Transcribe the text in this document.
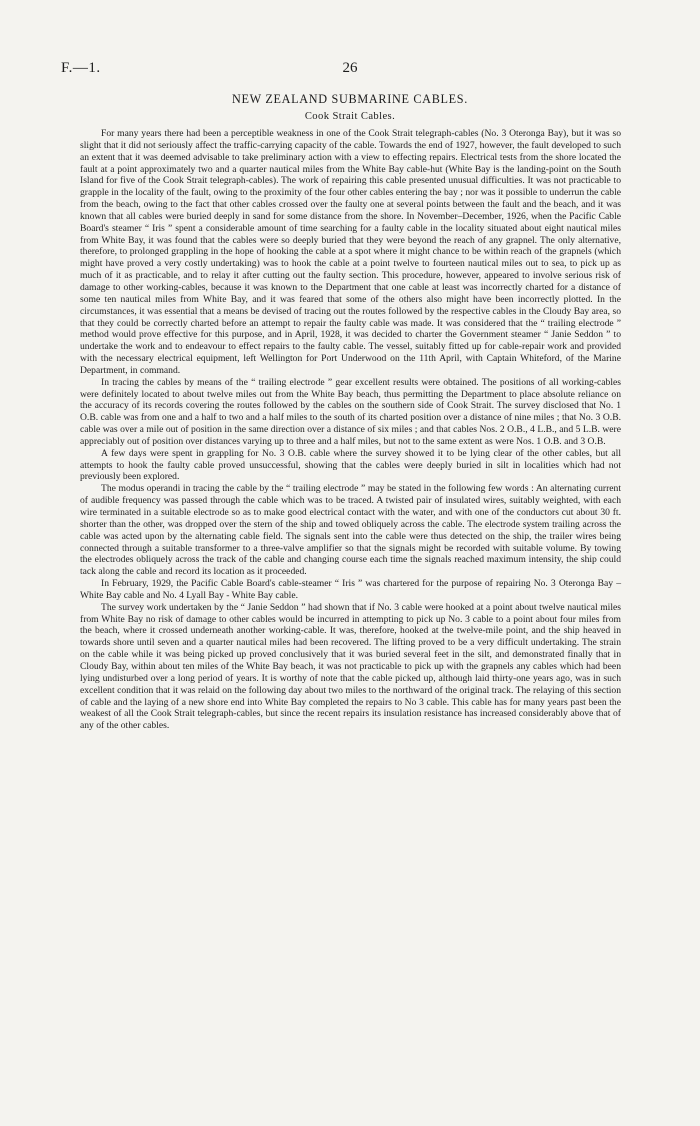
F.—1.	26
NEW ZEALAND SUBMARINE CABLES.
Cook Strait Cables.

For many years there had been a perceptible weakness in one of the Cook Strait telegraph-cables (No. 3 Oteronga Bay), but it was so slight that it did not seriously affect the traffic-carrying capacity of the cable. Towards the end of 1927, however, the fault developed to such an extent that it was deemed advisable to take preliminary action with a view to effecting repairs. Electrical tests from the shore located the fault at a point approximately two and a quarter nautical miles from the White Bay cable-hut (White Bay is the landing-point on the South Island for five of the Cook Strait telegraph-cables). The work of repairing this cable presented unusual difficulties. It was not practicable to grapple in the locality of the fault, owing to the proximity of the four other cables entering the bay ; nor was it possible to underrun the cable from the beach, owing to the fact that other cables crossed over the faulty one at several points between the fault and the beach, and it was known that all cables were buried deeply in sand for some distance from the shore. In November–December, 1926, when the Pacific Cable Board's steamer “ Iris ” spent a considerable amount of time searching for a faulty cable in the locality situated about eight nautical miles from White Bay, it was found that the cables were so deeply buried that they were beyond the reach of any grapnel. The only alternative, therefore, to prolonged grappling in the hope of hooking the cable at a spot where it might chance to be within reach of the grapnels (which might have proved a very costly undertaking) was to hook the cable at a point twelve to fourteen nautical miles out to sea, to pick up as much of it as practicable, and to relay it after cutting out the faulty section. This procedure, however, appeared to involve serious risk of damage to other working-cables, because it was known to the Department that one cable at least was incorrectly charted for a distance of some ten nautical miles from White Bay, and it was feared that some of the others also might have been incorrectly plotted. In the circumstances, it was essential that a means be devised of tracing out the routes followed by the respective cables in the Cloudy Bay area, so that they could be correctly charted before an attempt to repair the faulty cable was made. It was considered that the “ trailing electrode ” method would prove effective for this purpose, and in April, 1928, it was decided to charter the Government steamer “ Janie Seddon ” to undertake the work and to endeavour to effect repairs to the faulty cable. The vessel, suitably fitted up for cable-repair work and provided with the necessary electrical equipment, left Wellington for Port Underwood on the 11th April, with Captain Whiteford, of the Marine Department, in command.

In tracing the cables by means of the “ trailing electrode ” gear excellent results were obtained. The positions of all working-cables were definitely located to about twelve miles out from the White Bay beach, thus permitting the Department to place absolute reliance on the accuracy of its records covering the routes followed by the cables on the southern side of Cook Strait. The survey disclosed that No. 1 O.B. cable was from one and a half to two and a half miles to the south of its charted position over a distance of nine miles ; that No. 3 O.B. cable was over a mile out of position in the same direction over a distance of six miles ; and that cables Nos. 2 O.B., 4 L.B., and 5 L.B. were appreciably out of position over distances varying up to three and a half miles, but not to the same extent as were Nos. 1 O.B. and 3 O.B.

A few days were spent in grappling for No. 3 O.B. cable where the survey showed it to be lying clear of the other cables, but all attempts to hook the faulty cable proved unsuccessful, showing that the cables were deeply buried in silt in localities which had not previously been explored.

The modus operandi in tracing the cable by the “ trailing electrode ” may be stated in the following few words : An alternating current of audible frequency was passed through the cable which was to be traced. A twisted pair of insulated wires, suitably weighted, with each wire terminated in a suitable electrode so as to make good electrical contact with the water, and with one of the conductors cut about 30 ft. shorter than the other, was dropped over the stern of the ship and towed obliquely across the cable. The electrode system trailing across the cable was acted upon by the alternating cable field. The signals sent into the cable were thus detected on the ship, the trailer wires being connected through a suitable transformer to a three-valve amplifier so that the signals might be recorded with suitable volume. By towing the electrodes obliquely across the track of the cable and changing course each time the signals reached maximum intensity, the ship could tack along the cable and record its location as it proceeded.

In February, 1929, the Pacific Cable Board's cable-steamer “ Iris ” was chartered for the purpose of repairing No. 3 Oteronga Bay – White Bay cable and No. 4 Lyall Bay - White Bay cable.

The survey work undertaken by the “ Janie Seddon ” had shown that if No. 3 cable were hooked at a point about twelve nautical miles from White Bay no risk of damage to other cables would be incurred in attempting to pick up No. 3 cable to a point about four miles from the beach, where it crossed underneath another working-cable. It was, therefore, hooked at the twelve-mile point, and the ship heaved in towards shore until seven and a quarter nautical miles had been recovered. The lifting proved to be a very difficult undertaking. The strain on the cable while it was being picked up proved conclusively that it was buried several feet in the silt, and demonstrated finally that in Cloudy Bay, within about ten miles of the White Bay beach, it was not practicable to pick up with the grapnels any cables which had been lying undisturbed over a long period of years. It is worthy of note that the cable picked up, although laid thirty-one years ago, was in such excellent condition that it was relaid on the following day about two miles to the northward of the original track. The relaying of this section of cable and the laying of a new shore end into White Bay completed the repairs to No 3 cable. This cable has for many years past been the weakest of all the Cook Strait telegraph-cables, but since the recent repairs its insulation resistance has increased considerably above that of any of the other cables.
